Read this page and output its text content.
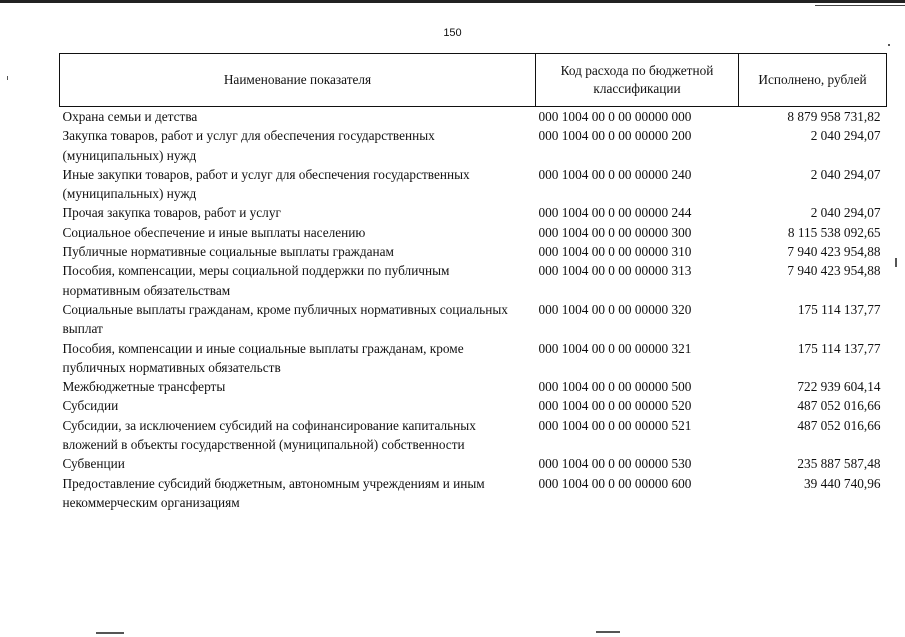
150
Наименование показателя	Код расхода по бюджетной классификации	Исполнено, рублей
Охрана семьи и детства	000 1004 00 0 00 00000 000	8 879 958 731,82
Закупка товаров, работ и услуг для обеспечения государственных (муниципальных) нужд	000 1004 00 0 00 00000 200	2 040 294,07
Иные закупки товаров, работ и услуг для обеспечения государственных (муниципальных) нужд	000 1004 00 0 00 00000 240	2 040 294,07
Прочая закупка товаров, работ и услуг	000 1004 00 0 00 00000 244	2 040 294,07
Социальное обеспечение и иные выплаты населению	000 1004 00 0 00 00000 300	8 115 538 092,65
Публичные нормативные социальные выплаты гражданам	000 1004 00 0 00 00000 310	7 940 423 954,88
Пособия, компенсации, меры социальной поддержки по публичным нормативным обязательствам	000 1004 00 0 00 00000 313	7 940 423 954,88
Социальные выплаты гражданам, кроме публичных нормативных социальных выплат	000 1004 00 0 00 00000 320	175 114 137,77
Пособия, компенсации и иные социальные выплаты гражданам, кроме публичных нормативных обязательств	000 1004 00 0 00 00000 321	175 114 137,77
Межбюджетные трансферты	000 1004 00 0 00 00000 500	722 939 604,14
Субсидии	000 1004 00 0 00 00000 520	487 052 016,66
Субсидии, за исключением субсидий на софинансирование капитальных вложений в объекты государственной (муниципальной) собственности	000 1004 00 0 00 00000 521	487 052 016,66
Субвенции	000 1004 00 0 00 00000 530	235 887 587,48
Предоставление субсидий бюджетным, автономным учреждениям и иным некоммерческим организациям	000 1004 00 0 00 00000 600	39 440 740,96
